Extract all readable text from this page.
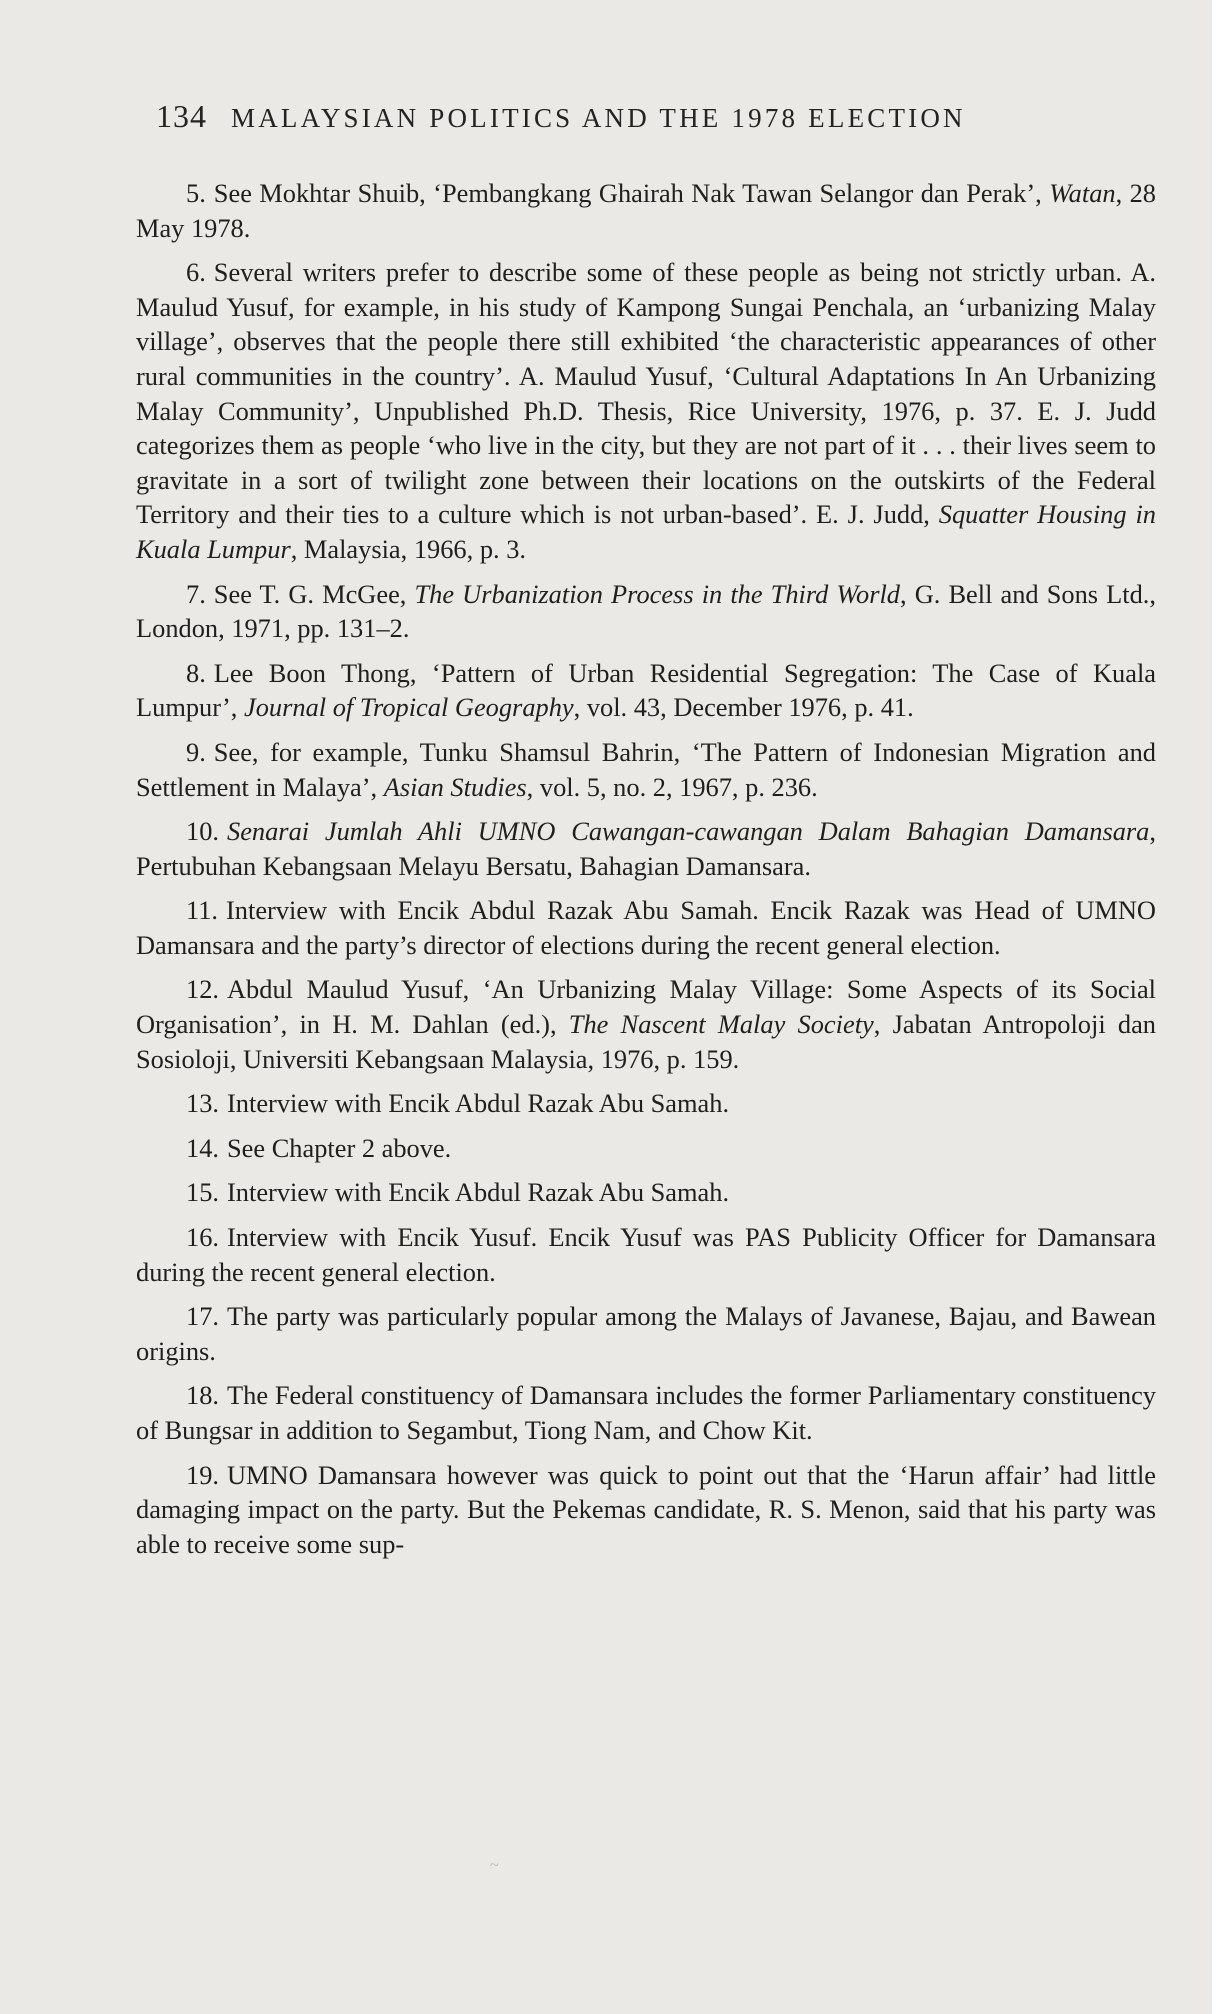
134 MALAYSIAN POLITICS AND THE 1978 ELECTION

5. See Mokhtar Shuib, ‘Pembangkang Ghairah Nak Tawan Selangor dan Perak’, Watan, 28 May 1978.

6. Several writers prefer to describe some of these people as being not strictly urban. A. Maulud Yusuf, for example, in his study of Kampong Sungai Penchala, an ‘urbanizing Malay village’, observes that the people there still exhibited ‘the characteristic appearances of other rural communities in the country’. A. Maulud Yusuf, ‘Cultural Adaptations In An Urbanizing Malay Community’, Unpublished Ph.D. Thesis, Rice University, 1976, p. 37. E. J. Judd categorizes them as people ‘who live in the city, but they are not part of it . . . their lives seem to gravitate in a sort of twilight zone between their locations on the outskirts of the Federal Territory and their ties to a culture which is not urban-based’. E. J. Judd, Squatter Housing in Kuala Lumpur, Malaysia, 1966, p. 3.

7. See T. G. McGee, The Urbanization Process in the Third World, G. Bell and Sons Ltd., London, 1971, pp. 131–2.

8. Lee Boon Thong, ‘Pattern of Urban Residential Segregation: The Case of Kuala Lumpur’, Journal of Tropical Geography, vol. 43, December 1976, p. 41.

9. See, for example, Tunku Shamsul Bahrin, ‘The Pattern of Indonesian Migration and Settlement in Malaya’, Asian Studies, vol. 5, no. 2, 1967, p. 236.

10. Senarai Jumlah Ahli UMNO Cawangan-cawangan Dalam Bahagian Damansara, Pertubuhan Kebangsaan Melayu Bersatu, Bahagian Damansara.

11. Interview with Encik Abdul Razak Abu Samah. Encik Razak was Head of UMNO Damansara and the party’s director of elections during the recent general election.

12. Abdul Maulud Yusuf, ‘An Urbanizing Malay Village: Some Aspects of its Social Organisation’, in H. M. Dahlan (ed.), The Nascent Malay Society, Jabatan Antropoloji dan Sosioloji, Universiti Kebangsaan Malaysia, 1976, p. 159.

13. Interview with Encik Abdul Razak Abu Samah.

14. See Chapter 2 above.

15. Interview with Encik Abdul Razak Abu Samah.

16. Interview with Encik Yusuf. Encik Yusuf was PAS Publicity Officer for Damansara during the recent general election.

17. The party was particularly popular among the Malays of Javanese, Bajau, and Bawean origins.

18. The Federal constituency of Damansara includes the former Parliamentary constituency of Bungsar in addition to Segambut, Tiong Nam, and Chow Kit.

19. UMNO Damansara however was quick to point out that the ‘Harun affair’ had little damaging impact on the party. But the Pekemas candidate, R. S. Menon, said that his party was able to receive some sup-

~
